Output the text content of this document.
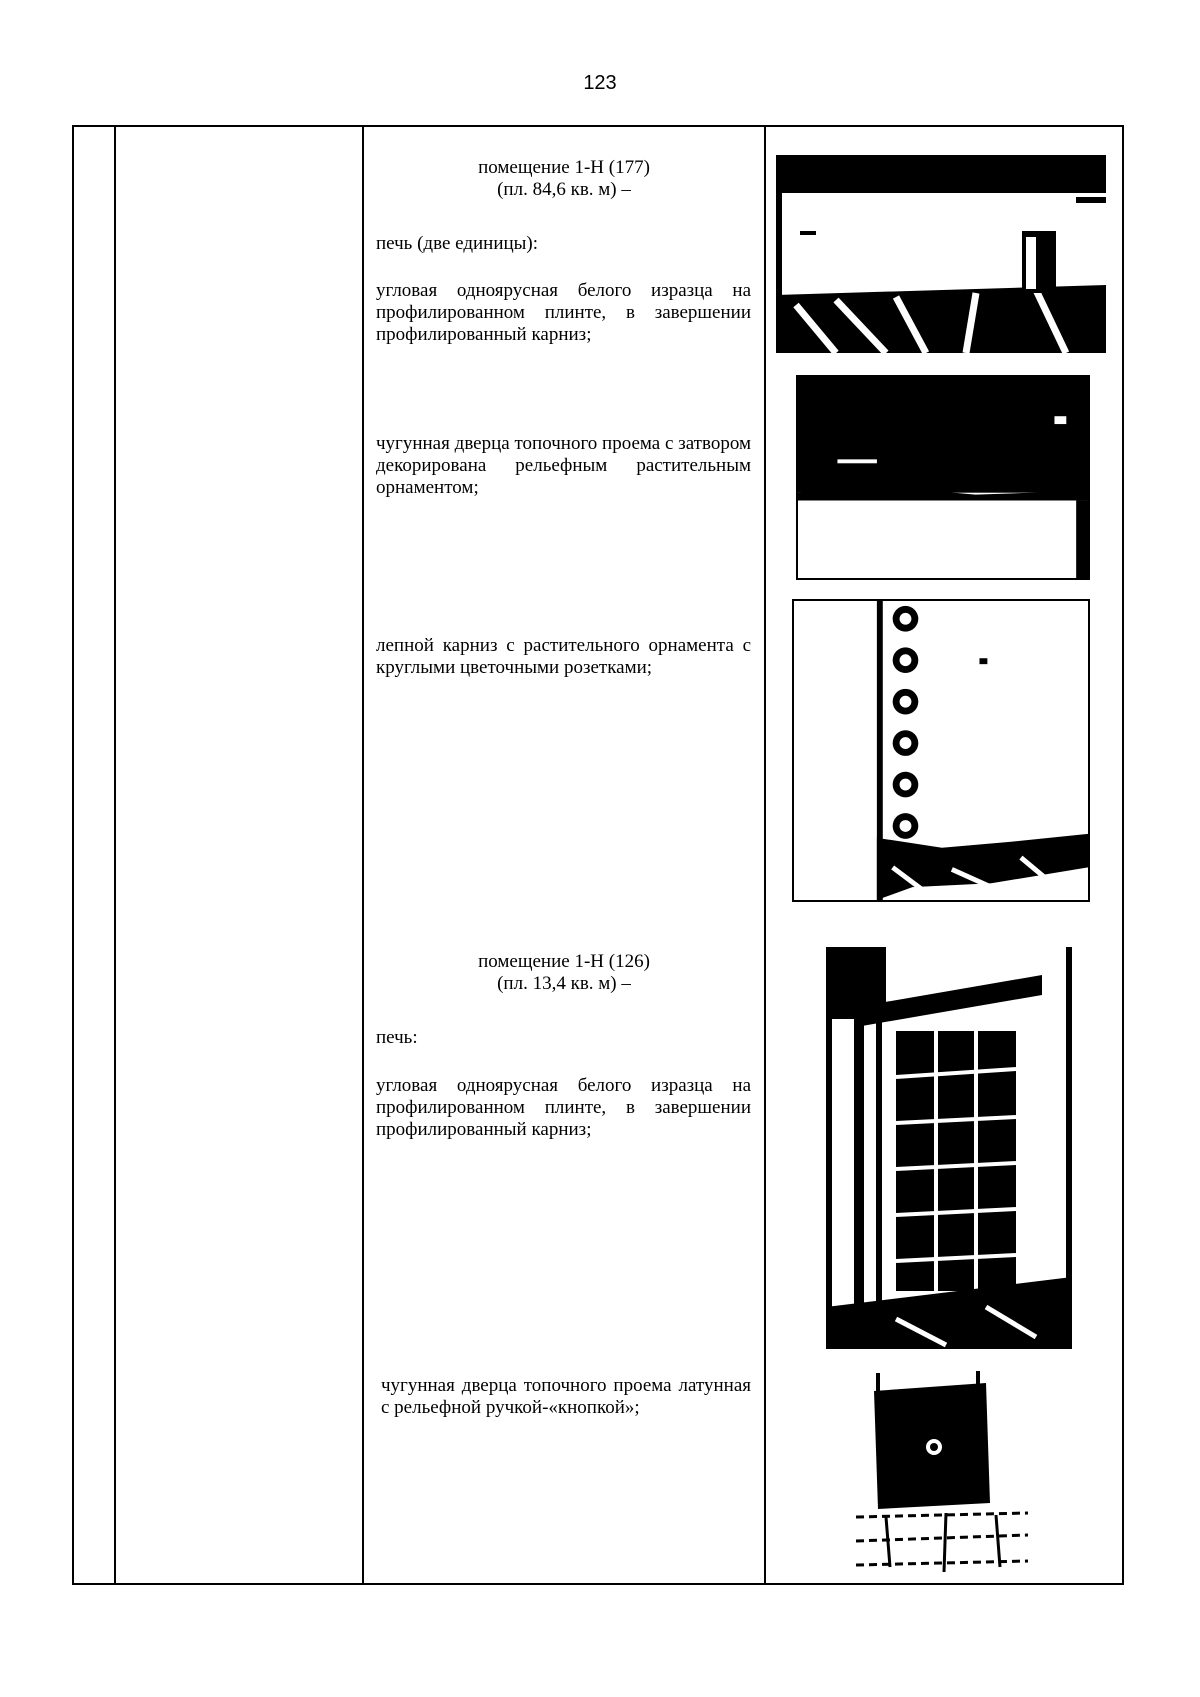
123
помещение 1-Н (177)
(пл. 84,6 кв. м) –
печь (две единицы):
угловая одноярусная белого изразца на профилированном плинте, в завершении профилированный карниз;
чугунная дверца топочного проема с затвором декорирована рельефным растительным орнаментом;
лепной карниз с растительного орнамента с круглыми цветочными розетками;
помещение 1-Н (126)
(пл. 13,4 кв. м) –
печь:
угловая одноярусная белого изразца на профилированном плинте, в завершении профилированный карниз;
чугунная дверца топочного проема латунная с рельефной ручкой-«кнопкой»;
